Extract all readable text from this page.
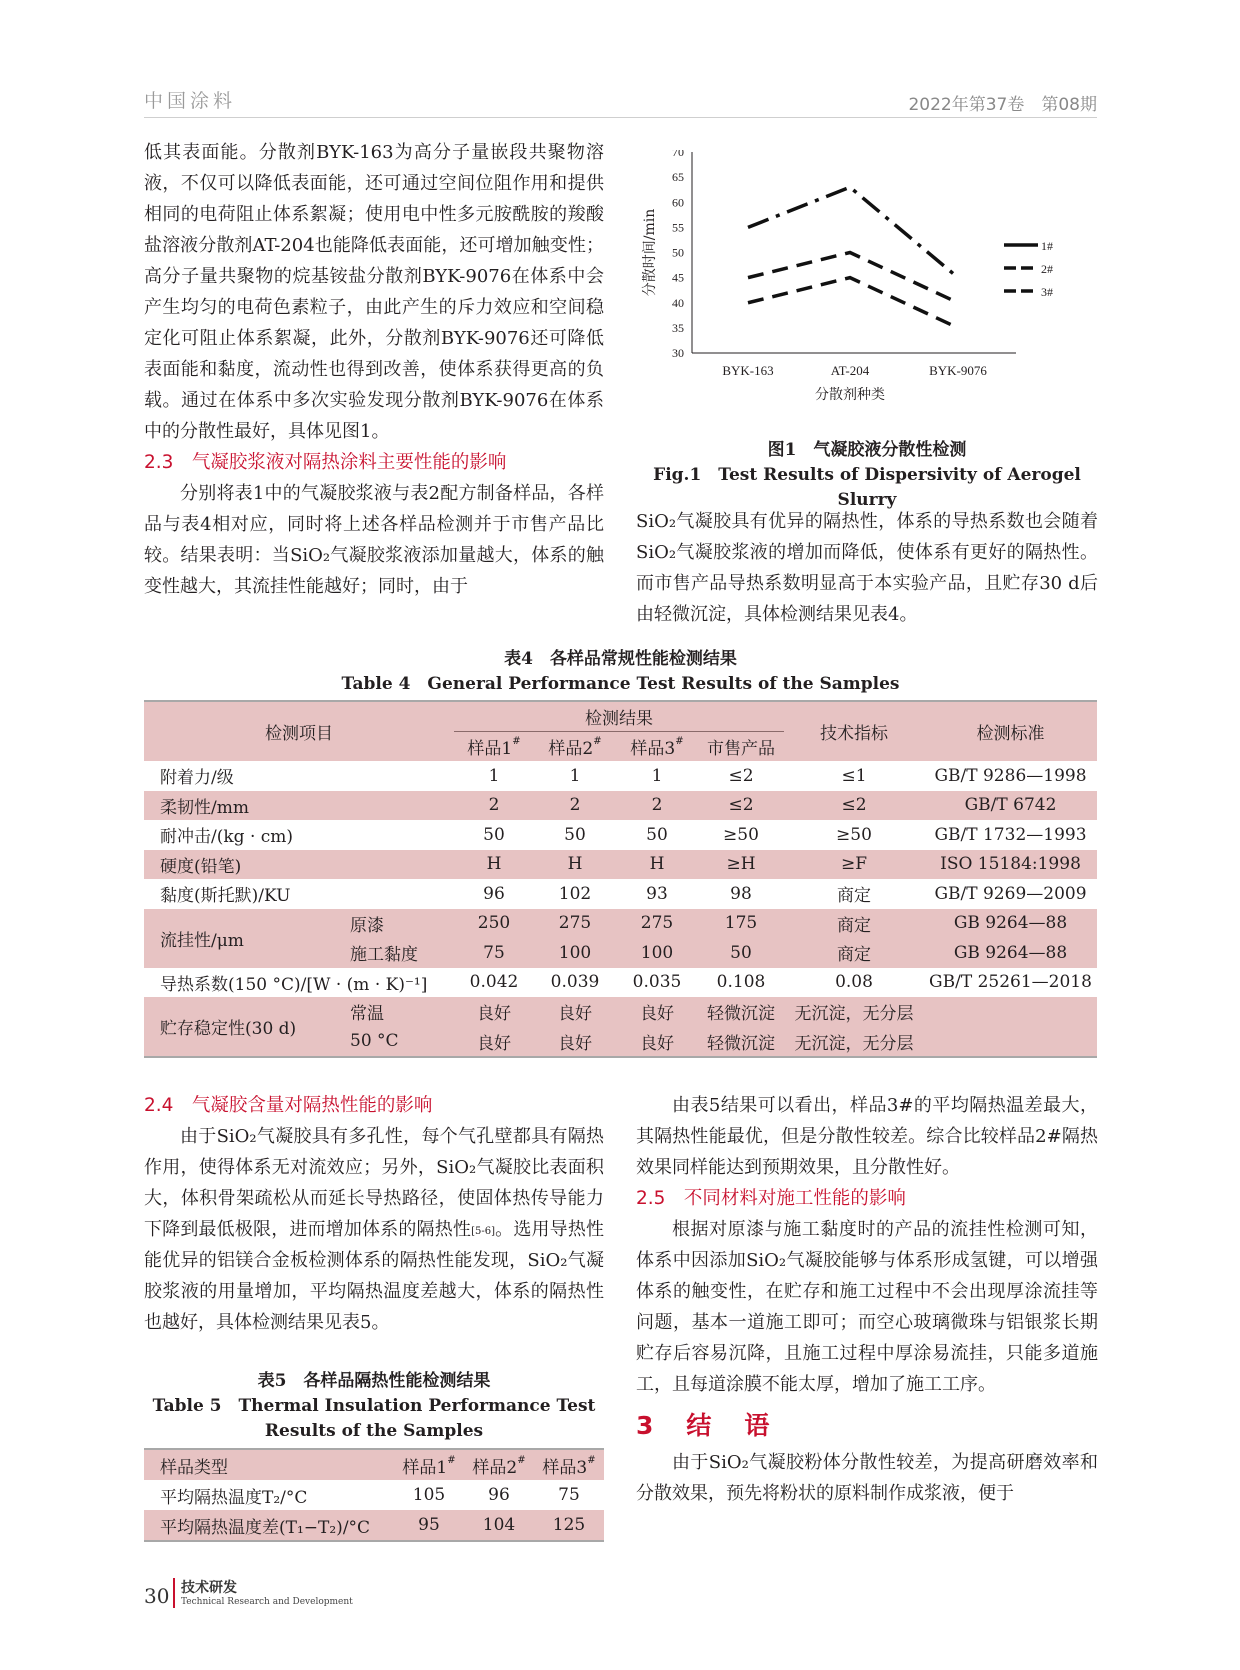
中国涂料	2022年第37卷　第08期

低其表面能。分散剂BYK-163为高分子量嵌段共聚物溶液，不仅可以降低表面能，还可通过空间位阻作用和提供相同的电荷阻止体系絮凝；使用电中性多元胺酰胺的羧酸盐溶液分散剂AT-204也能降低表面能，还可增加触变性；高分子量共聚物的烷基铵盐分散剂BYK-9076在体系中会产生均匀的电荷色素粒子，由此产生的斥力效应和空间稳定化可阻止体系絮凝，此外，分散剂BYK-9076还可降低表面能和黏度，流动性也得到改善，使体系获得更高的负载。通过在体系中多次实验发现分散剂BYK-9076在体系中的分散性最好，具体见图1。

2.3　气凝胶浆液对隔热涂料主要性能的影响

分别将表1中的气凝胶浆液与表2配方制备样品，各样品与表4相对应，同时将上述各样品检测并于市售产品比较。结果表明：当SiO₂气凝胶浆液添加量越大，体系的触变性越大，其流挂性能越好；同时，由于

30
35
40
45
50
55
60
65
70
BYK-163	AT-204	BYK-9076
分散剂种类
分散时间/min	1#
2#
3#
图1　气凝胶液分散性检测
Fig.1　Test Results of Dispersivity of Aerogel Slurry
SiO₂气凝胶具有优异的隔热性，体系的导热系数也会随着SiO₂气凝胶浆液的增加而降低，使体系有更好的隔热性。而市售产品导热系数明显高于本实验产品，且贮存30 d后由轻微沉淀，具体检测结果见表4。
表4　各样品常规性能检测结果
Table 4　General Performance Test Results of the Samples
检测项目		检测结果				技术指标	检测标准
		样品1#	样品2#	样品3#	市售产品		
附着力/级		1	1	1	≤2	≤1	GB/T 9286—1998
柔韧性/mm		2	2	2	≤2	≤2	GB/T 6742
耐冲击/(kg · cm)		50	50	50	≥50	≥50	GB/T 1732—1993
硬度(铅笔)		H	H	H	≥H	≥F	ISO 15184:1998
黏度(斯托默)/KU		96	102	93	98	商定	GB/T 9269—2009
流挂性/μm	原漆	250	275	275	175	商定	GB 9264—88
	施工黏度	75	100	100	50	商定	GB 9264—88
导热系数(150 °C)/[W · (m · K)⁻¹]		0.042	0.039	0.035	0.108	0.08	GB/T 25261—2018
贮存稳定性(30 d)	常温	良好	良好	良好	轻微沉淀	无沉淀，无分层	
	50 °C	良好	良好	良好	轻微沉淀	无沉淀，无分层	
2.4　气凝胶含量对隔热性能的影响

由于SiO₂气凝胶具有多孔性，每个气孔壁都具有隔热作用，使得体系无对流效应；另外，SiO₂气凝胶比表面积大，体积骨架疏松从而延长导热路径，使固体热传导能力下降到最低极限，进而增加体系的隔热性[5-6]。选用导热性能优异的铝镁合金板检测体系的隔热性能发现，SiO₂气凝胶浆液的用量增加，平均隔热温度差越大，体系的隔热性也越好，具体检测结果见表5。

表5　各样品隔热性能检测结果
Table 5　Thermal Insulation Performance Test Results of the Samples
样品类型	样品1#	样品2#	样品3#
平均隔热温度T₂/°C	105	96	75
平均隔热温度差(T₁−T₂)/°C	95	104	125

由表5结果可以看出，样品3#的平均隔热温差最大，其隔热性能最优，但是分散性较差。综合比较样品2#隔热效果同样能达到预期效果，且分散性好。

2.5　不同材料对施工性能的影响

根据对原漆与施工黏度时的产品的流挂性检测可知，体系中因添加SiO₂气凝胶能够与体系形成氢键，可以增强体系的触变性，在贮存和施工过程中不会出现厚涂流挂等问题，基本一道施工即可；而空心玻璃微珠与铝银浆长期贮存后容易沉降，且施工过程中厚涂易流挂，只能多道施工，且每道涂膜不能太厚，增加了施工工序。

3　结　语

由于SiO₂气凝胶粉体分散性较差，为提高研磨效率和分散效果，预先将粉状的原料制作成浆液，便于

30 技术研发
Technical Research and Development
